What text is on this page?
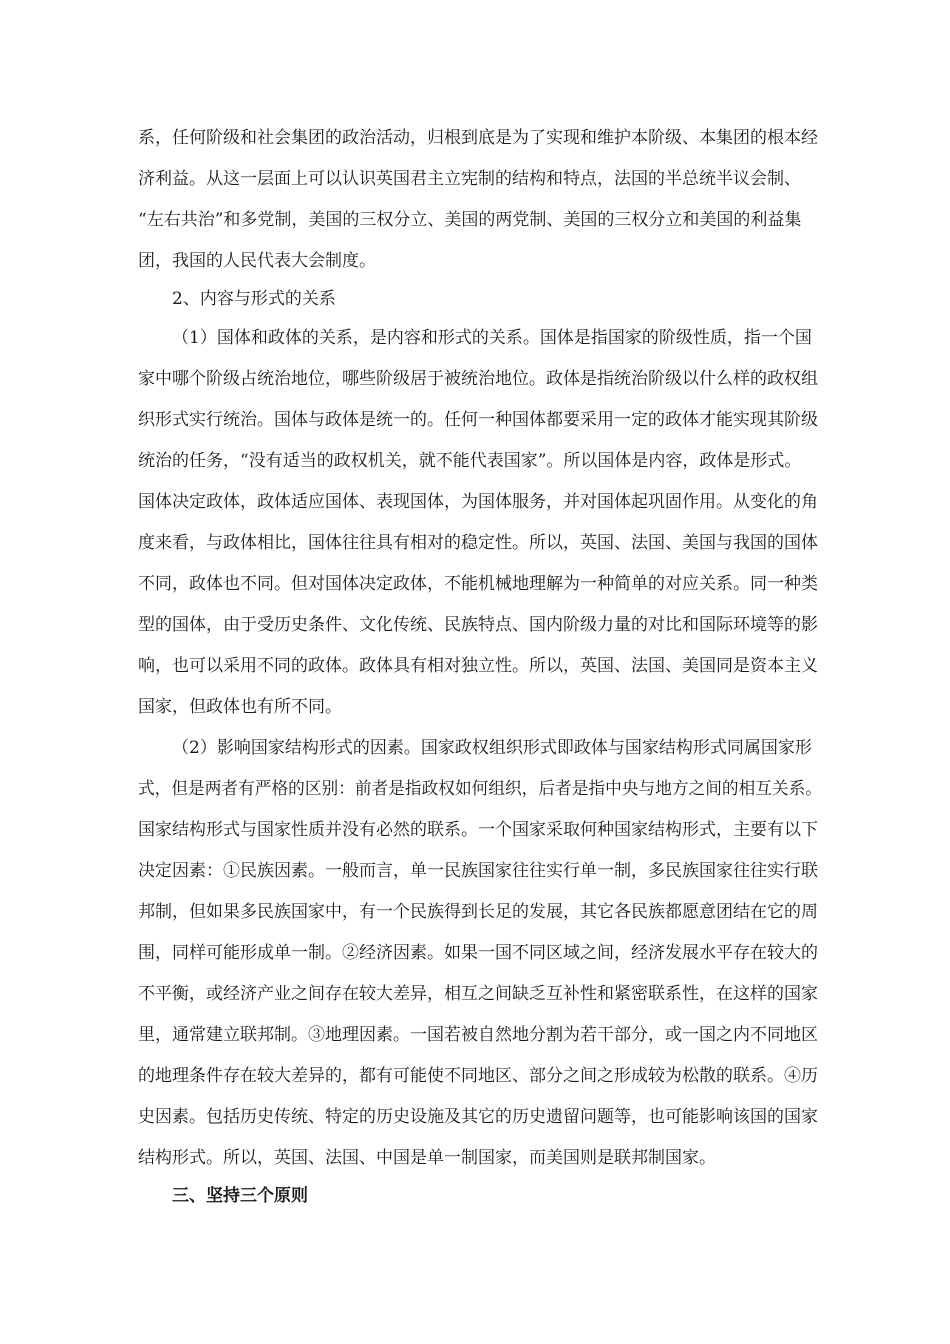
系，任何阶级和社会集团的政治活动，归根到底是为了实现和维护本阶级、本集团的根本经
济利益。从这一层面上可以认识英国君主立宪制的结构和特点，法国的半总统半议会制、
“左右共治”和多党制，美国的三权分立、美国的两党制、美国的三权分立和美国的利益集
团，我国的人民代表大会制度。
2、内容与形式的关系
（1）国体和政体的关系，是内容和形式的关系。国体是指国家的阶级性质，指一个国
家中哪个阶级占统治地位，哪些阶级居于被统治地位。政体是指统治阶级以什么样的政权组
织形式实行统治。国体与政体是统一的。任何一种国体都要采用一定的政体才能实现其阶级
统治的任务，“没有适当的政权机关，就不能代表国家”。所以国体是内容，政体是形式。
国体决定政体，政体适应国体、表现国体，为国体服务，并对国体起巩固作用。从变化的角
度来看，与政体相比，国体往往具有相对的稳定性。所以，英国、法国、美国与我国的国体
不同，政体也不同。但对国体决定政体，不能机械地理解为一种简单的对应关系。同一种类
型的国体，由于受历史条件、文化传统、民族特点、国内阶级力量的对比和国际环境等的影
响，也可以采用不同的政体。政体具有相对独立性。所以，英国、法国、美国同是资本主义
国家，但政体也有所不同。
（2）影响国家结构形式的因素。国家政权组织形式即政体与国家结构形式同属国家形
式，但是两者有严格的区别：前者是指政权如何组织，后者是指中央与地方之间的相互关系。
国家结构形式与国家性质并没有必然的联系。一个国家采取何种国家结构形式，主要有以下
决定因素：①民族因素。一般而言，单一民族国家往往实行单一制，多民族国家往往实行联
邦制，但如果多民族国家中，有一个民族得到长足的发展，其它各民族都愿意团结在它的周
围，同样可能形成单一制。②经济因素。如果一国不同区域之间，经济发展水平存在较大的
不平衡，或经济产业之间存在较大差异，相互之间缺乏互补性和紧密联系性，在这样的国家
里，通常建立联邦制。③地理因素。一国若被自然地分割为若干部分，或一国之内不同地区
的地理条件存在较大差异的，都有可能使不同地区、部分之间之形成较为松散的联系。④历
史因素。包括历史传统、特定的历史设施及其它的历史遗留问题等，也可能影响该国的国家
结构形式。所以，英国、法国、中国是单一制国家，而美国则是联邦制国家。
三、坚持三个原则
